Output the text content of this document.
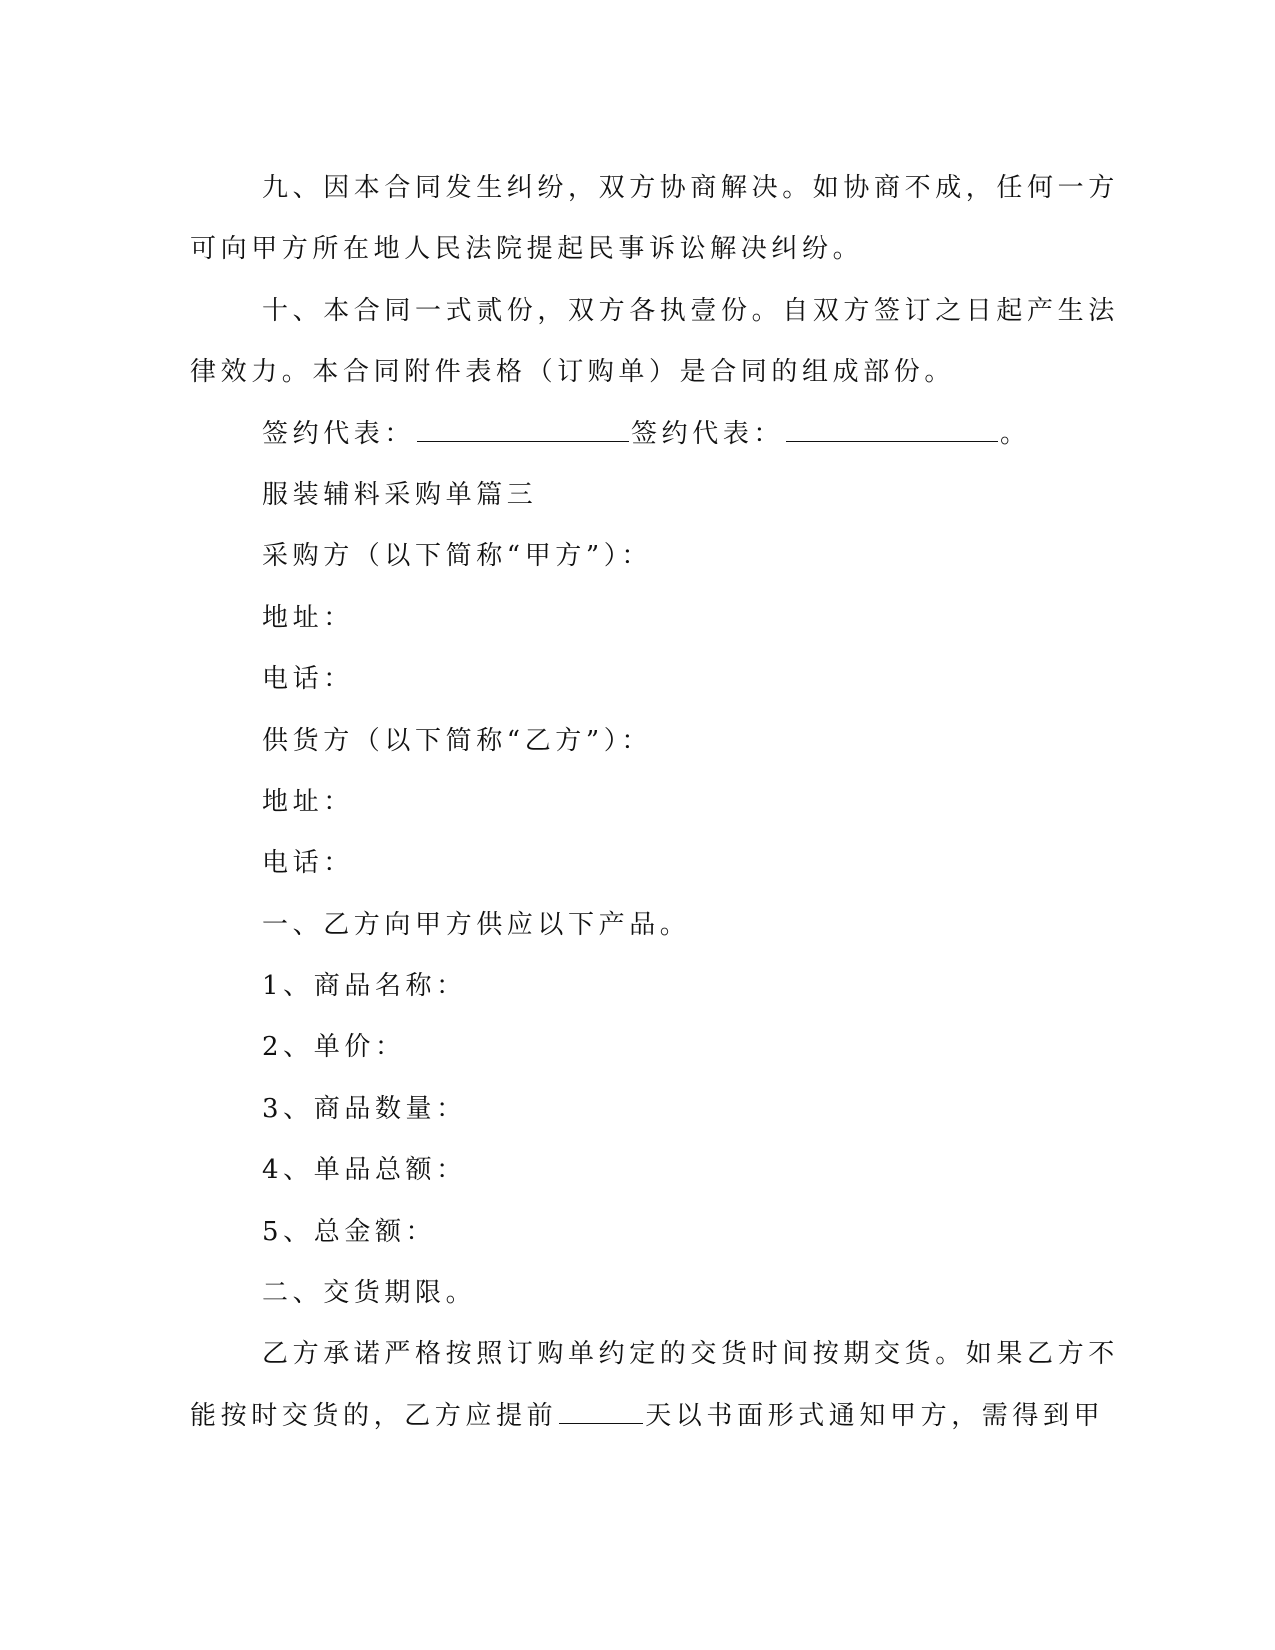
九、因本合同发生纠纷，双方协商解决。如协商不成，任何一方
可向甲方所在地人民法院提起民事诉讼解决纠纷。
十、本合同一式贰份，双方各执壹份。自双方签订之日起产生法
律效力。本合同附件表格（订购单）是合同的组成部份。
签约代表：	签约代表：	。
服装辅料采购单篇三
采购方（以下简称“甲方”）：
地址：
电话：
供货方（以下简称“乙方”）：
地址：
电话：
一、乙方向甲方供应以下产品。
1、商品名称：
2、单价：
3、商品数量：
4、单品总额：
5、总金额：
二、交货期限。
乙方承诺严格按照订购单约定的交货时间按期交货。如果乙方不
能按时交货的，乙方应提前	天以书面形式通知甲方，需得到甲
